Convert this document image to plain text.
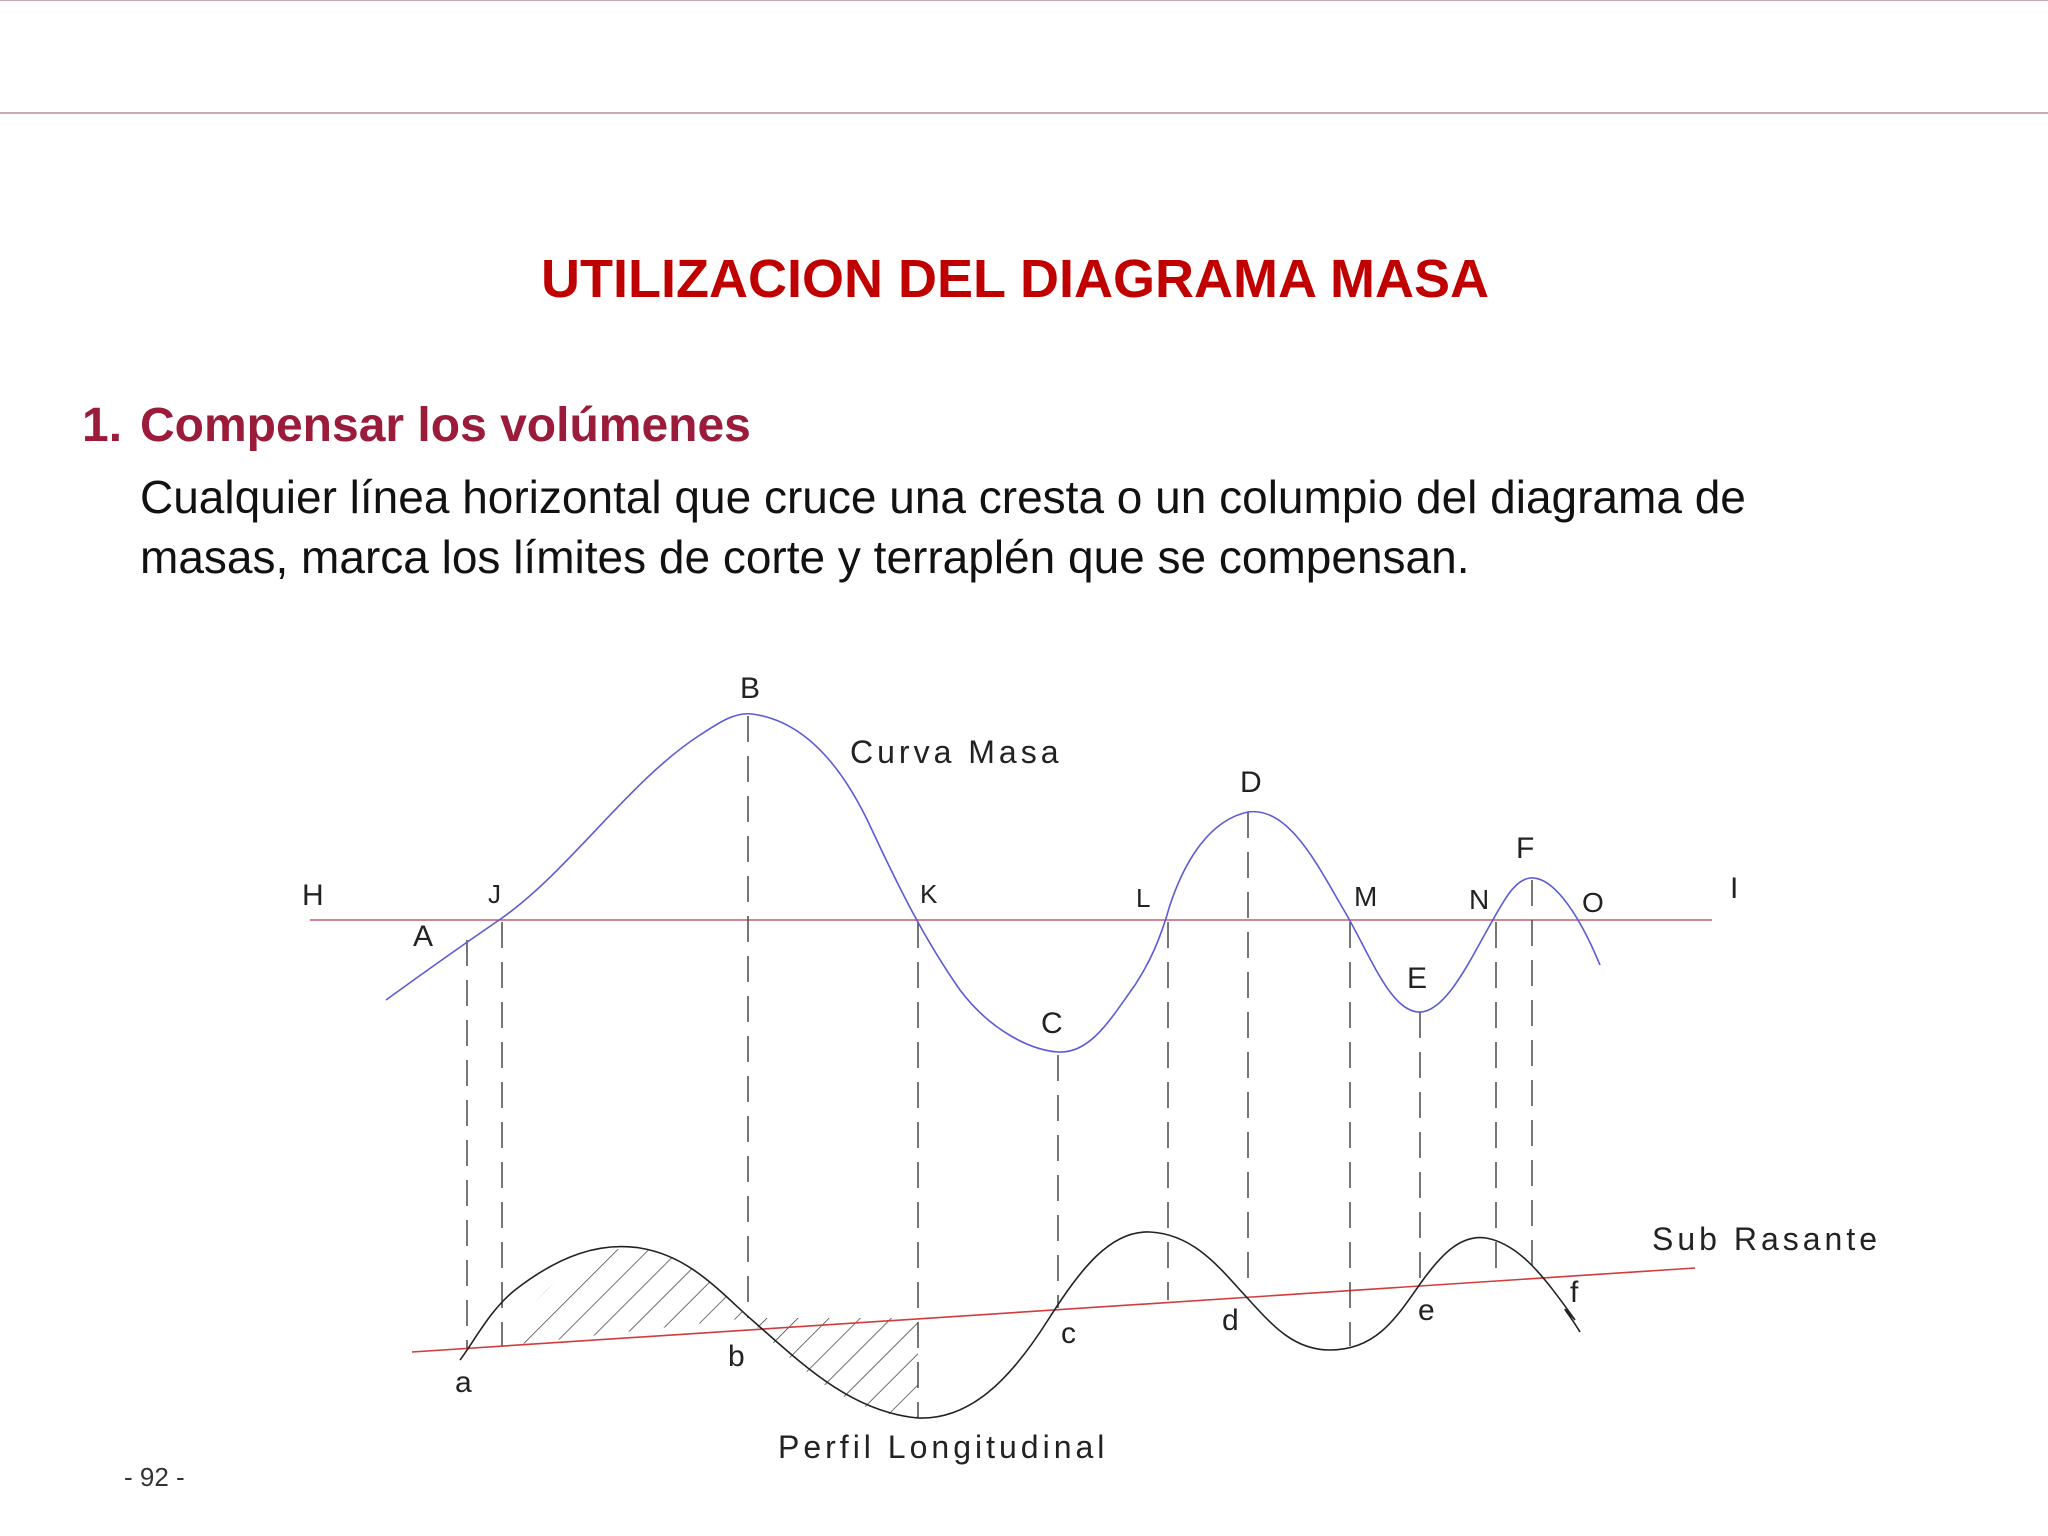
UTILIZACION DEL DIAGRAMA MASA
1. Compensar los volúmenes
Cualquier línea horizontal que cruce una cresta o un columpio del diagrama de
masas, marca los límites de corte y terraplén que se compensan.
H
A
J
B
K
C
L
D
M
E
N
F
O	I
a
b
c	d	e
f
Curva Masa
Sub Rasante
Perfil Longitudinal
- 92 -
